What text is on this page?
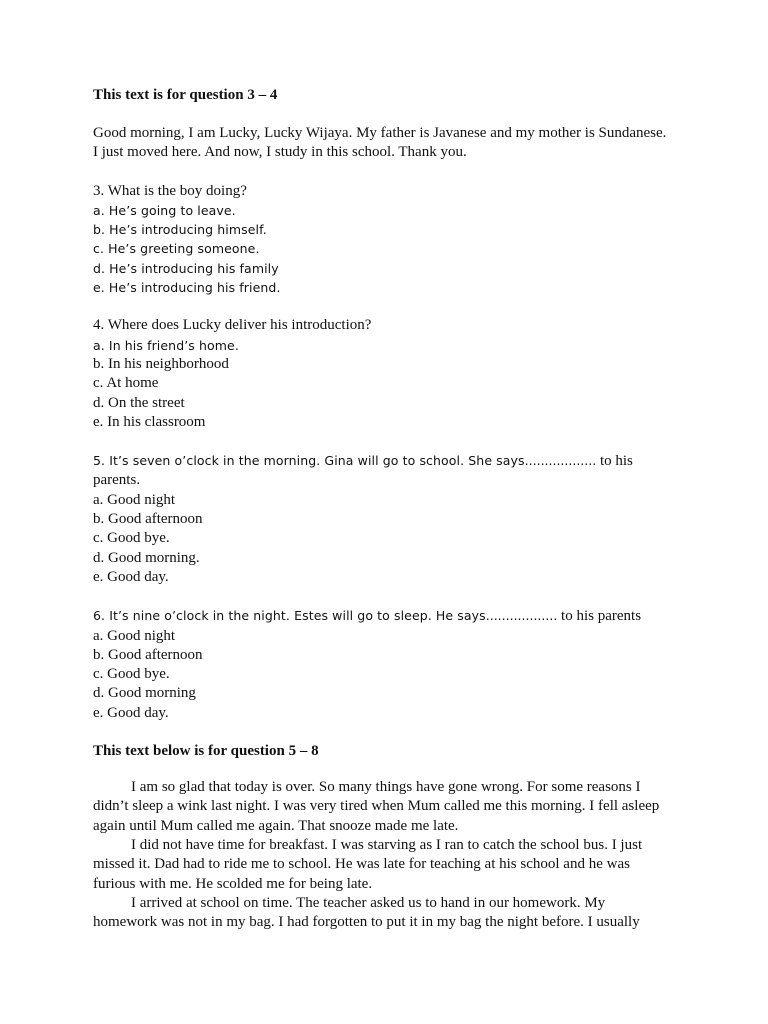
This text is for question 3 – 4

Good morning, I am Lucky, Lucky Wijaya. My father is Javanese and my mother is Sundanese. I just moved here. And now, I study in this school. Thank you.

3. What is the boy doing?

a. He’s going to leave.

b. He’s introducing himself.

c. He’s greeting someone.

d. He’s introducing his family

e. He’s introducing his friend.

4. Where does Lucky deliver his introduction?

a. In his friend’s home.

b. In his neighborhood

c. At home

d. On the street

e. In his classroom

5. It’s seven o’clock in the morning. Gina will go to school. She says.................. to his parents.

a. Good night

b. Good afternoon

c. Good bye.

d. Good morning.

e. Good day.

6. It’s nine o’clock in the night. Estes will go to sleep. He says.................. to his parents

a. Good night

b. Good afternoon

c. Good bye.

d. Good morning

e. Good day.

This text below is for question 5 – 8

I am so glad that today is over. So many things have gone wrong. For some reasons I didn’t sleep a wink last night. I was very tired when Mum called me this morning. I fell asleep again until Mum called me again. That snooze made me late.

I did not have time for breakfast. I was starving as I ran to catch the school bus. I just missed it. Dad had to ride me to school. He was late for teaching at his school and he was furious with me. He scolded me for being late.

I arrived at school on time. The teacher asked us to hand in our homework. My homework was not in my bag. I had forgotten to put it in my bag the night before. I usually
